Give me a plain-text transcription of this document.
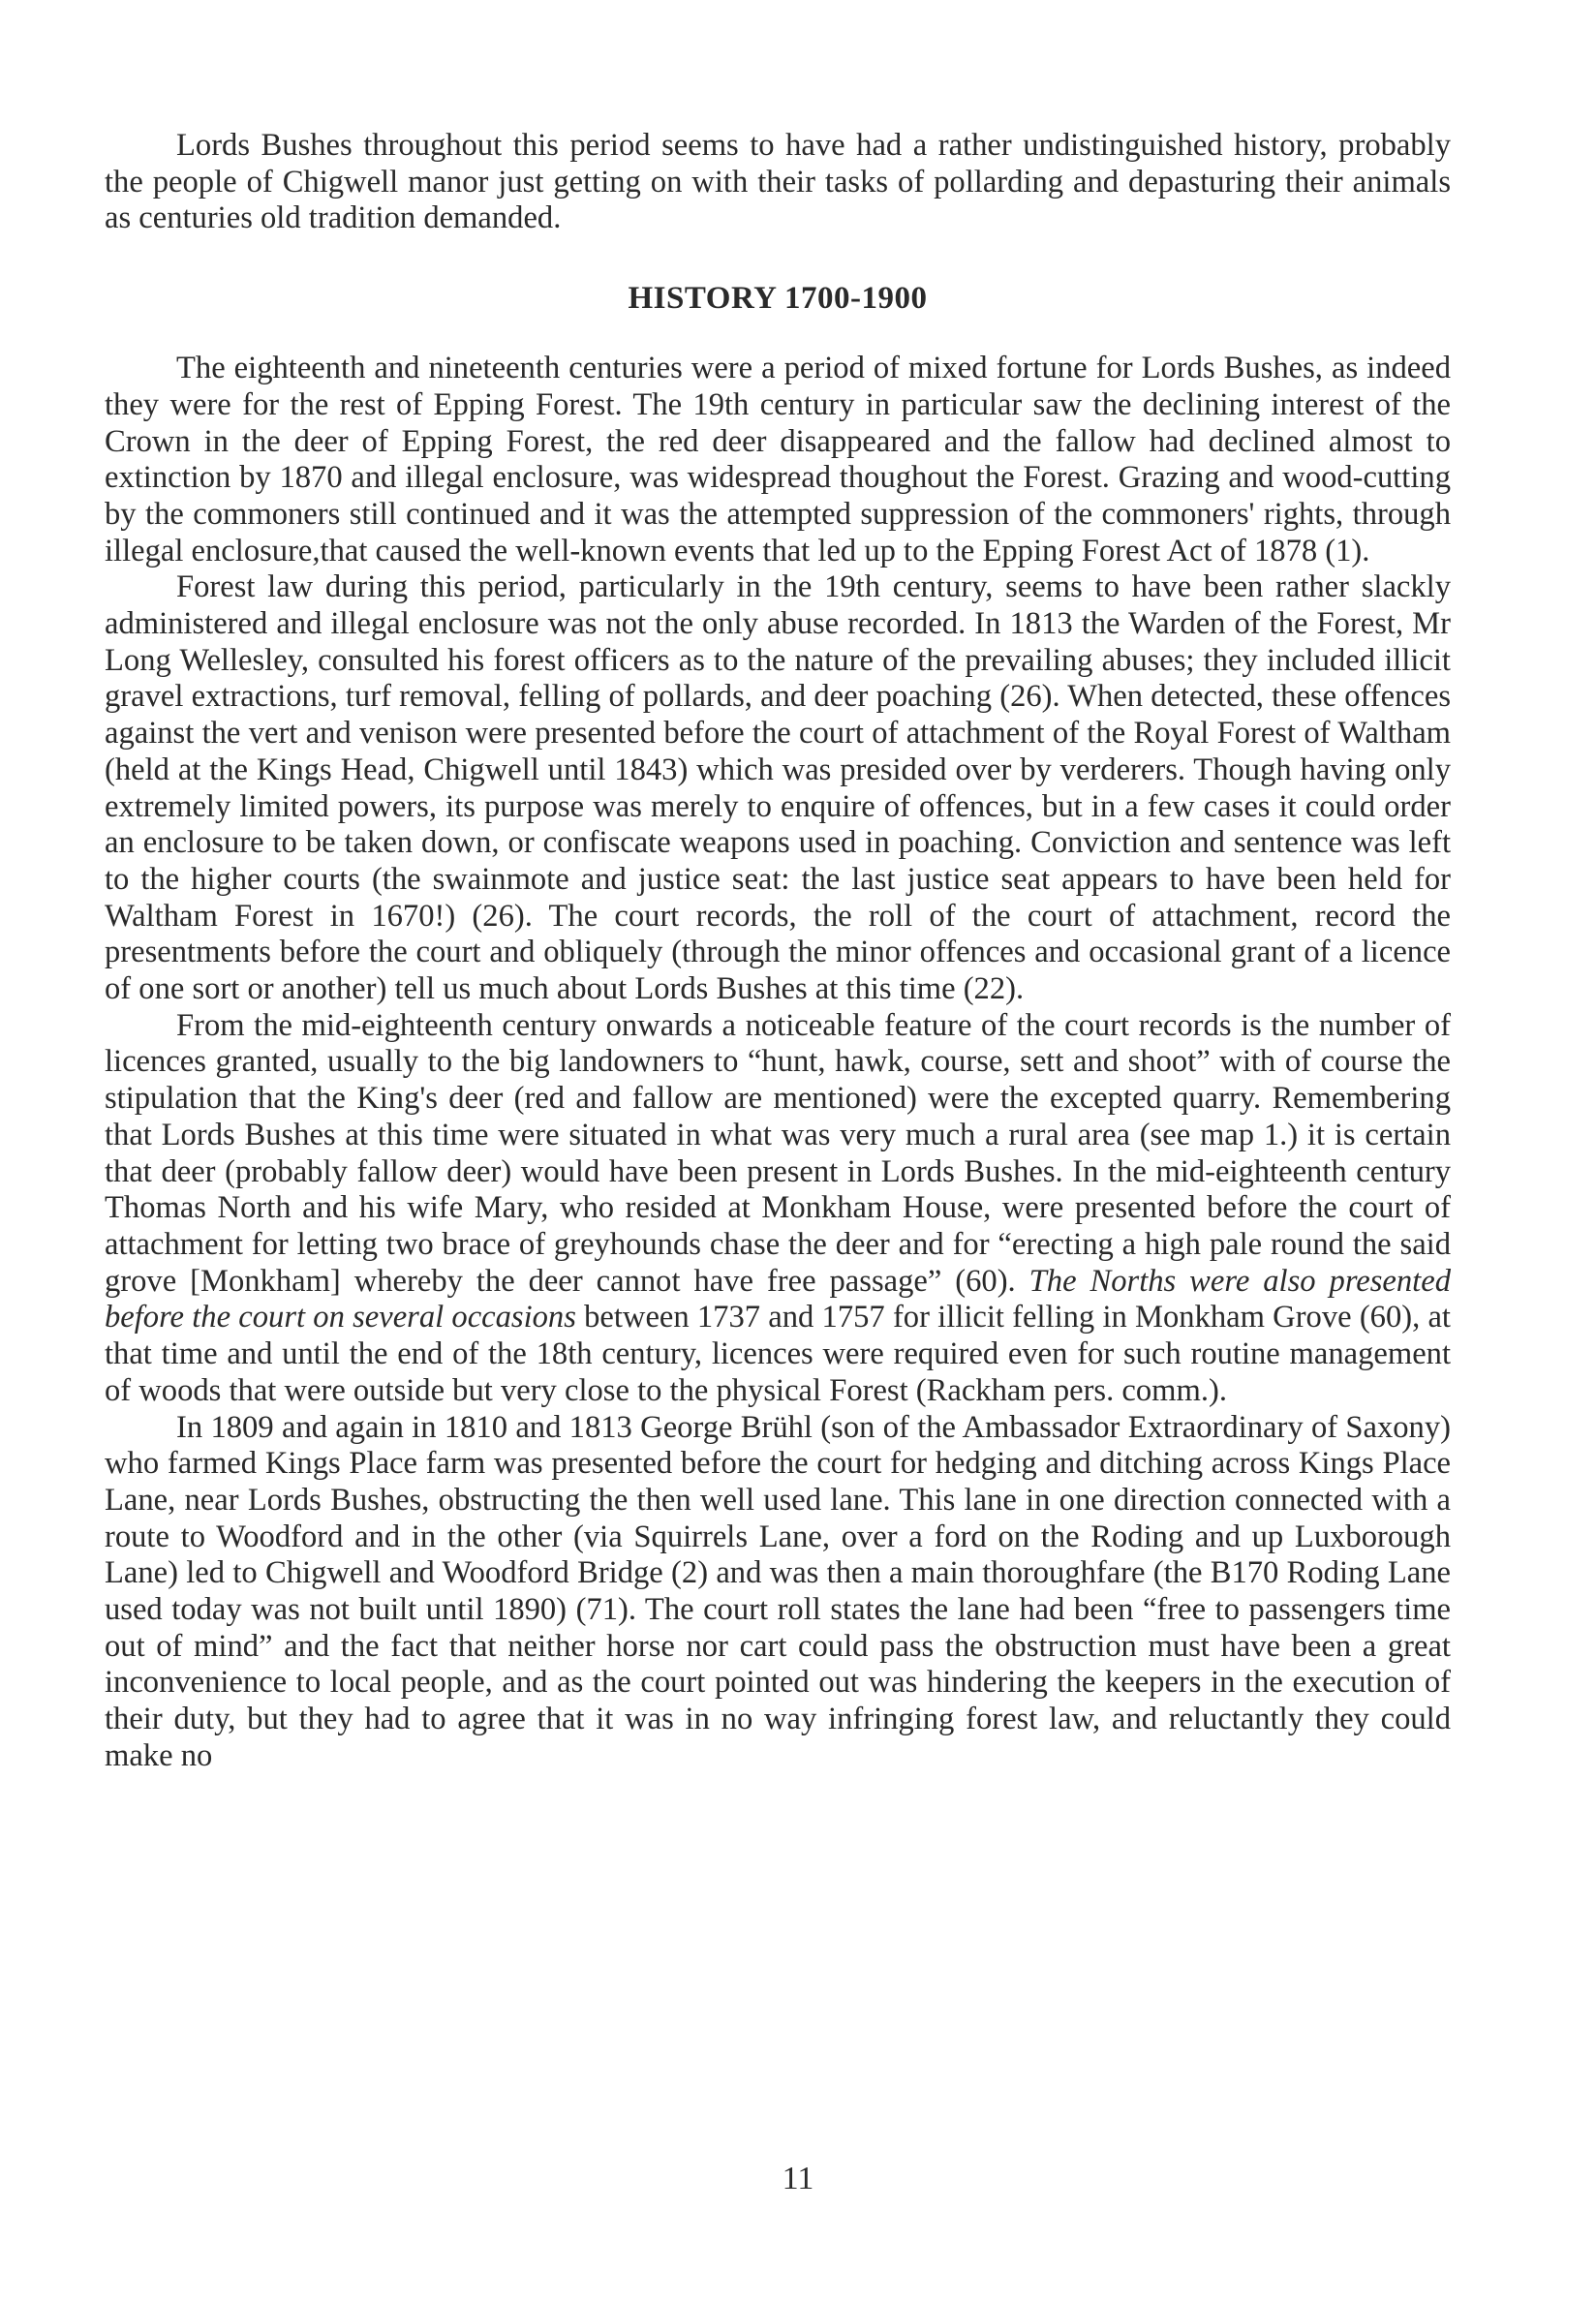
Lords Bushes throughout this period seems to have had a rather undistinguished history, probably the people of Chigwell manor just getting on with their tasks of pollarding and depasturing their animals as centuries old tradition demanded.

HISTORY 1700-1900

The eighteenth and nineteenth centuries were a period of mixed fortune for Lords Bushes, as indeed they were for the rest of Epping Forest. The 19th century in particular saw the declining interest of the Crown in the deer of Epping Forest, the red deer disappeared and the fallow had declined almost to extinction by 1870 and illegal enclosure, was widespread thoughout the Forest. Grazing and wood-cutting by the commoners still continued and it was the attempted suppression of the commoners' rights, through illegal enclosure,that caused the well-known events that led up to the Epping Forest Act of 1878 (1).

Forest law during this period, particularly in the 19th century, seems to have been rather slackly administered and illegal enclosure was not the only abuse recorded. In 1813 the Warden of the Forest, Mr Long Wellesley, consulted his forest officers as to the nature of the prevailing abuses; they included illicit gravel extractions, turf removal, felling of pollards, and deer poaching (26). When detected, these offences against the vert and venison were presented before the court of attachment of the Royal Forest of Waltham (held at the Kings Head, Chigwell until 1843) which was presided over by verderers. Though having only extremely limited powers, its purpose was merely to enquire of offences, but in a few cases it could order an enclosure to be taken down, or confiscate weapons used in poaching. Conviction and sentence was left to the higher courts (the swainmote and justice seat: the last justice seat appears to have been held for Waltham Forest in 1670!) (26). The court records, the roll of the court of attachment, record the presentments before the court and obliquely (through the minor offences and occasional grant of a licence of one sort or another) tell us much about Lords Bushes at this time (22).

From the mid-eighteenth century onwards a noticeable feature of the court records is the number of licences granted, usually to the big landowners to “hunt, hawk, course, sett and shoot” with of course the stipulation that the King's deer (red and fallow are mentioned) were the excepted quarry. Remembering that Lords Bushes at this time were situated in what was very much a rural area (see map 1.) it is certain that deer (probably fallow deer) would have been present in Lords Bushes. In the mid-eighteenth century Thomas North and his wife Mary, who resided at Monkham House, were presented before the court of attachment for letting two brace of greyhounds chase the deer and for “erecting a high pale round the said grove [Monkham] whereby the deer cannot have free passage” (60). The Norths were also presented before the court on several occasions between 1737 and 1757 for illicit felling in Monkham Grove (60), at that time and until the end of the 18th century, licences were required even for such routine management of woods that were outside but very close to the physical Forest (Rackham pers. comm.).

In 1809 and again in 1810 and 1813 George Brühl (son of the Ambassador Extraordinary of Saxony) who farmed Kings Place farm was presented before the court for hedging and ditching across Kings Place Lane, near Lords Bushes, obstructing the then well used lane. This lane in one direction connected with a route to Woodford and in the other (via Squirrels Lane, over a ford on the Roding and up Luxborough Lane) led to Chigwell and Woodford Bridge (2) and was then a main thoroughfare (the B170 Roding Lane used today was not built until 1890) (71). The court roll states the lane had been “free to passengers time out of mind” and the fact that neither horse nor cart could pass the obstruction must have been a great inconvenience to local people, and as the court pointed out was hindering the keepers in the execution of their duty, but they had to agree that it was in no way infringing forest law, and reluctantly they could make no

11
